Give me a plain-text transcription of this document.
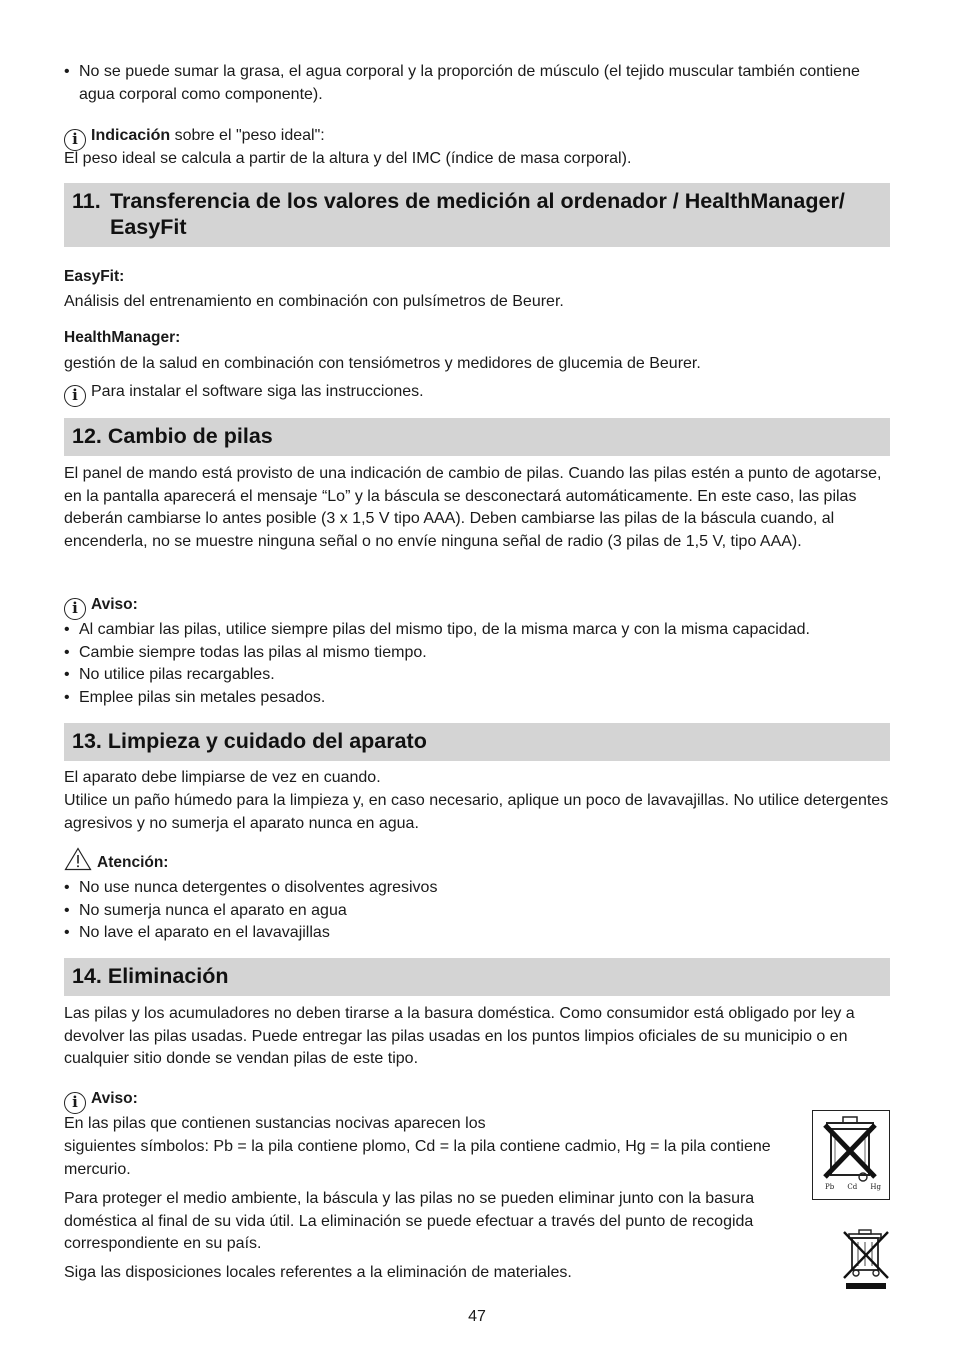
• No se puede sumar la grasa, el agua corporal y la proporción de músculo (el tejido muscular también contiene agua corporal como componente).
i Indicación sobre el "peso ideal":
El peso ideal se calcula a partir de la altura y del IMC (índice de masa corporal).
11. Transferencia de los valores de medición al ordenador / HealthManager/ EasyFit
EasyFit:
Análisis del entrenamiento en combinación con pulsímetros de Beurer.
HealthManager:
gestión de la salud en combinación con tensiómetros y medidores de glucemia de Beurer.
i Para instalar el software siga las instrucciones.
12. Cambio de pilas
El panel de mando está provisto de una indicación de cambio de pilas. Cuando las pilas estén a punto de agotarse, en la pantalla aparecerá el mensaje “Lo” y la báscula se desconectará automáticamente. En este caso, las pilas deberán cambiarse lo antes posible (3 x 1,5 V tipo AAA). Deben cambiarse las pilas de la báscula cuando, al encenderla, no se muestre ninguna señal o no envíe ninguna señal de radio (3 pilas de 1,5 V, tipo AAA).
i Aviso:
• Al cambiar las pilas, utilice siempre pilas del mismo tipo, de la misma marca y con la misma capacidad.
• Cambie siempre todas las pilas al mismo tiempo.
• No utilice pilas recargables.
• Emplee pilas sin metales pesados.
13. Limpieza y cuidado del aparato
El aparato debe limpiarse de vez en cuando.
Utilice un paño húmedo para la limpieza y, en caso necesario, aplique un poco de lavavajillas. No utilice detergentes agresivos y no sumerja el aparato nunca en agua.
Atención:
• No use nunca detergentes o disolventes agresivos
• No sumerja nunca el aparato en agua
• No lave el aparato en el lavavajillas
14. Eliminación
Las pilas y los acumuladores no deben tirarse a la basura doméstica. Como consumidor está obligado por ley a devolver las pilas usadas. Puede entregar las pilas usadas en los puntos limpios oficiales de su municipio o en cualquier sitio donde se vendan pilas de este tipo.
i Aviso:
En las pilas que contienen sustancias nocivas aparecen los
siguientes símbolos: Pb = la pila contiene plomo, Cd = la pila contiene cadmio, Hg = la pila contiene mercurio.
Para proteger el medio ambiente, la báscula y las pilas no se pueden eliminar junto con la basura doméstica al final de su vida útil. La eliminación se puede efectuar a través del punto de recogida correspondiente en su país.
Siga las disposiciones locales referentes a la eliminación de materiales.
Pb Cd Hg
47
